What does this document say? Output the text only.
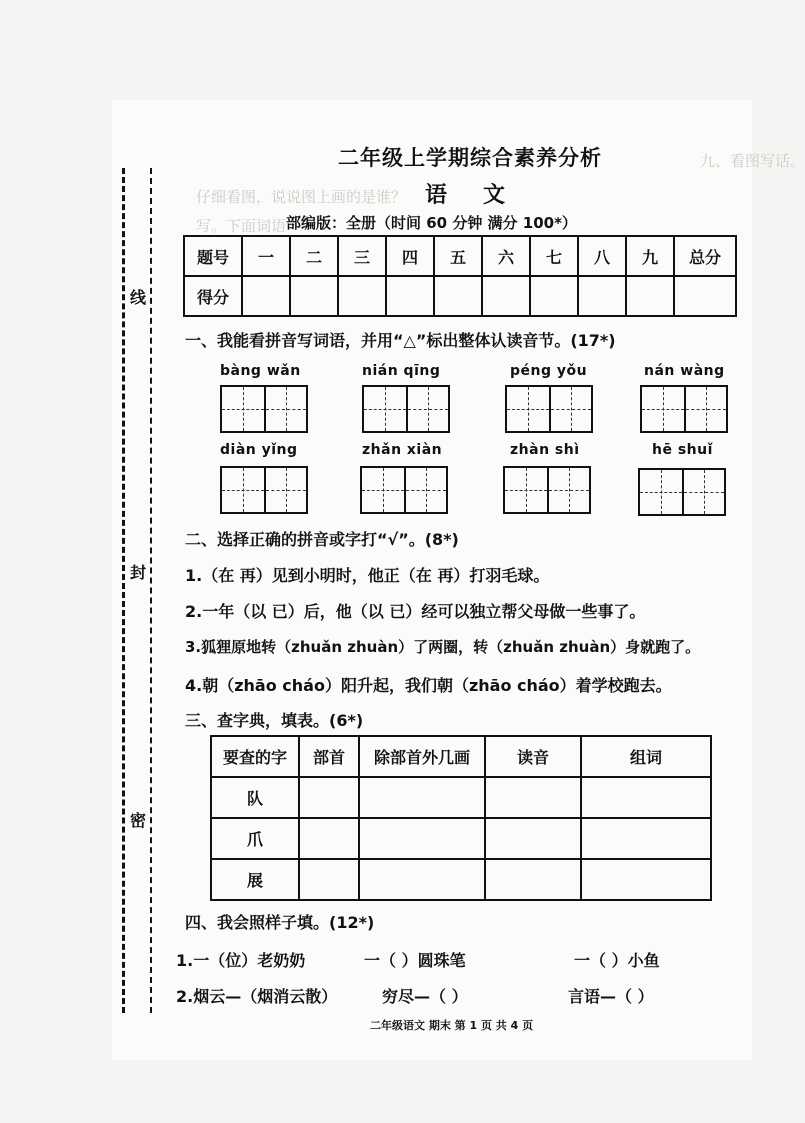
九、看图写话。
仔细看图，说说图上画的是谁？
写。下面词语
线
封
密
二年级上学期综合素养分析
语文
部编版：全册（时间 60 分钟 满分 100*）
题号	一	二	三	四	五	六	七	八	九	总分
得分										
一、我能看拼音写词语，并用“△”标出整体认读音节。(17*)
bàng wǎn	nián qīng	péng yǒu	nán wàng
diàn yǐng	zhǎn xiàn	zhàn shì	hē shuǐ
二、选择正确的拼音或字打“√”。(8*)
1.（在 再）见到小明时，他正（在 再）打羽毛球。
2.一年（以 已）后，他（以 已）经可以独立帮父母做一些事了。
3.狐狸原地转（zhuǎn zhuàn）了两圈，转（zhuǎn zhuàn）身就跑了。
4.朝（zhāo cháo）阳升起，我们朝（zhāo cháo）着学校跑去。
三、查字典，填表。(6*)
要查的字	部首	除部首外几画	读音	组词
队				
爪				
展				
四、我会照样子填。(12*)
1.一（位）老奶奶	一（ ）圆珠笔	一（ ）小鱼
2.烟云—（烟消云散）	穷尽—（ ）	言语—（ ）
二年级语文 期末 第 1 页 共 4 页
